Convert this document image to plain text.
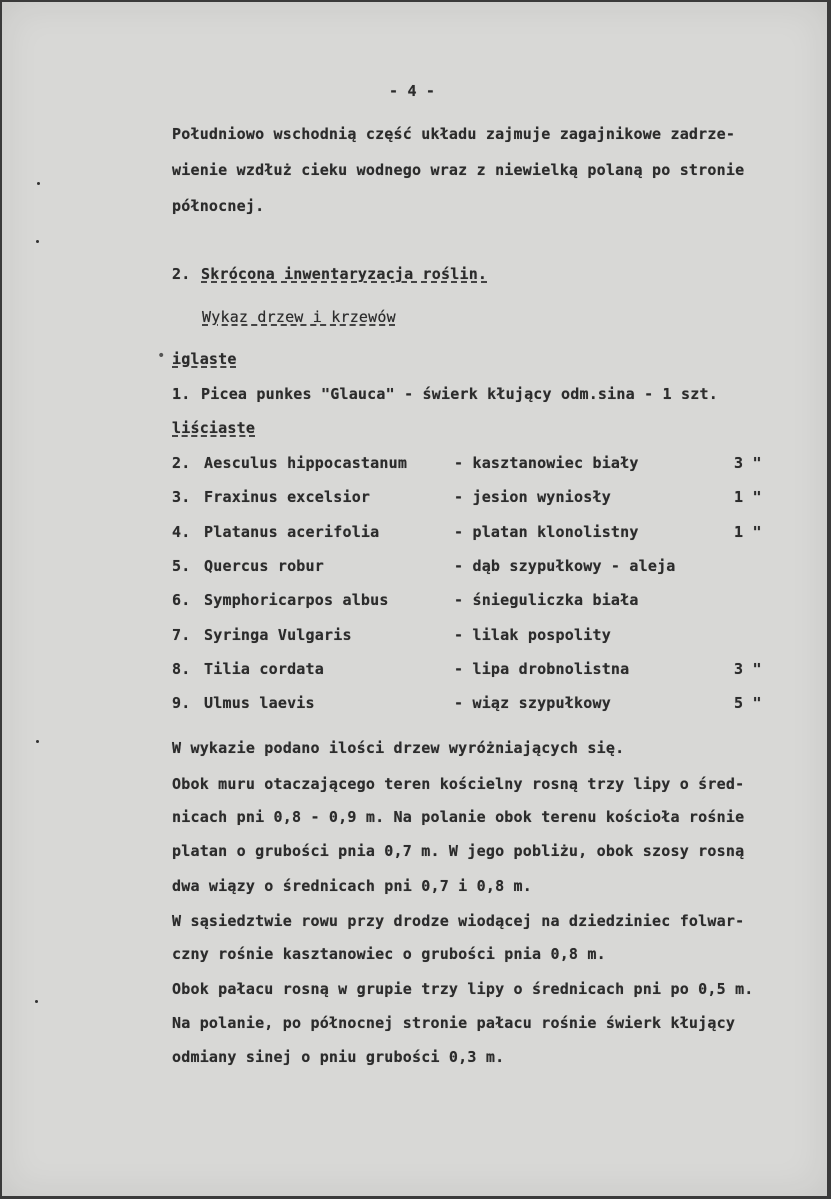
- 4 -
Południowo wschodnią część układu zajmuje zagajnikowe zadrze-
wienie wzdłuż cieku wodnego wraz z niewielką polaną po stronie
północnej.
2. Skrócona inwentaryzacja roślin.
Wykaz drzew i krzewów
• iglaste
1. Picea punkes "Glauca" - świerk kłujący odm.sina - 1 szt.
liściaste
2. Aesculus hippocastanum	- kasztanowiec biały	3 "
3. Fraxinus excelsior	- jesion wyniosły	1 "
4. Platanus acerifolia	- platan klonolistny	1 "
5. Quercus robur	- dąb szypułkowy - aleja
6. Symphoricarpos albus	- śnieguliczka biała
7. Syringa Vulgaris	- lilak pospolity
8. Tilia cordata	- lipa drobnolistna	3 "
9. Ulmus laevis	- wiąz szypułkowy	5 "
W wykazie podano ilości drzew wyróżniających się.
Obok muru otaczającego teren kościelny rosną trzy lipy o śred-
nicach pni 0,8 - 0,9 m. Na polanie obok terenu kościoła rośnie
platan o grubości pnia 0,7 m. W jego pobliżu, obok szosy rosną
dwa wiązy o średnicach pni 0,7 i 0,8 m.
W sąsiedztwie rowu przy drodze wiodącej na dziedziniec folwar-
czny rośnie kasztanowiec o grubości pnia 0,8 m.
Obok pałacu rosną w grupie trzy lipy o średnicach pni po 0,5 m.
Na polanie, po północnej stronie pałacu rośnie świerk kłujący
odmiany sinej o pniu grubości 0,3 m.
